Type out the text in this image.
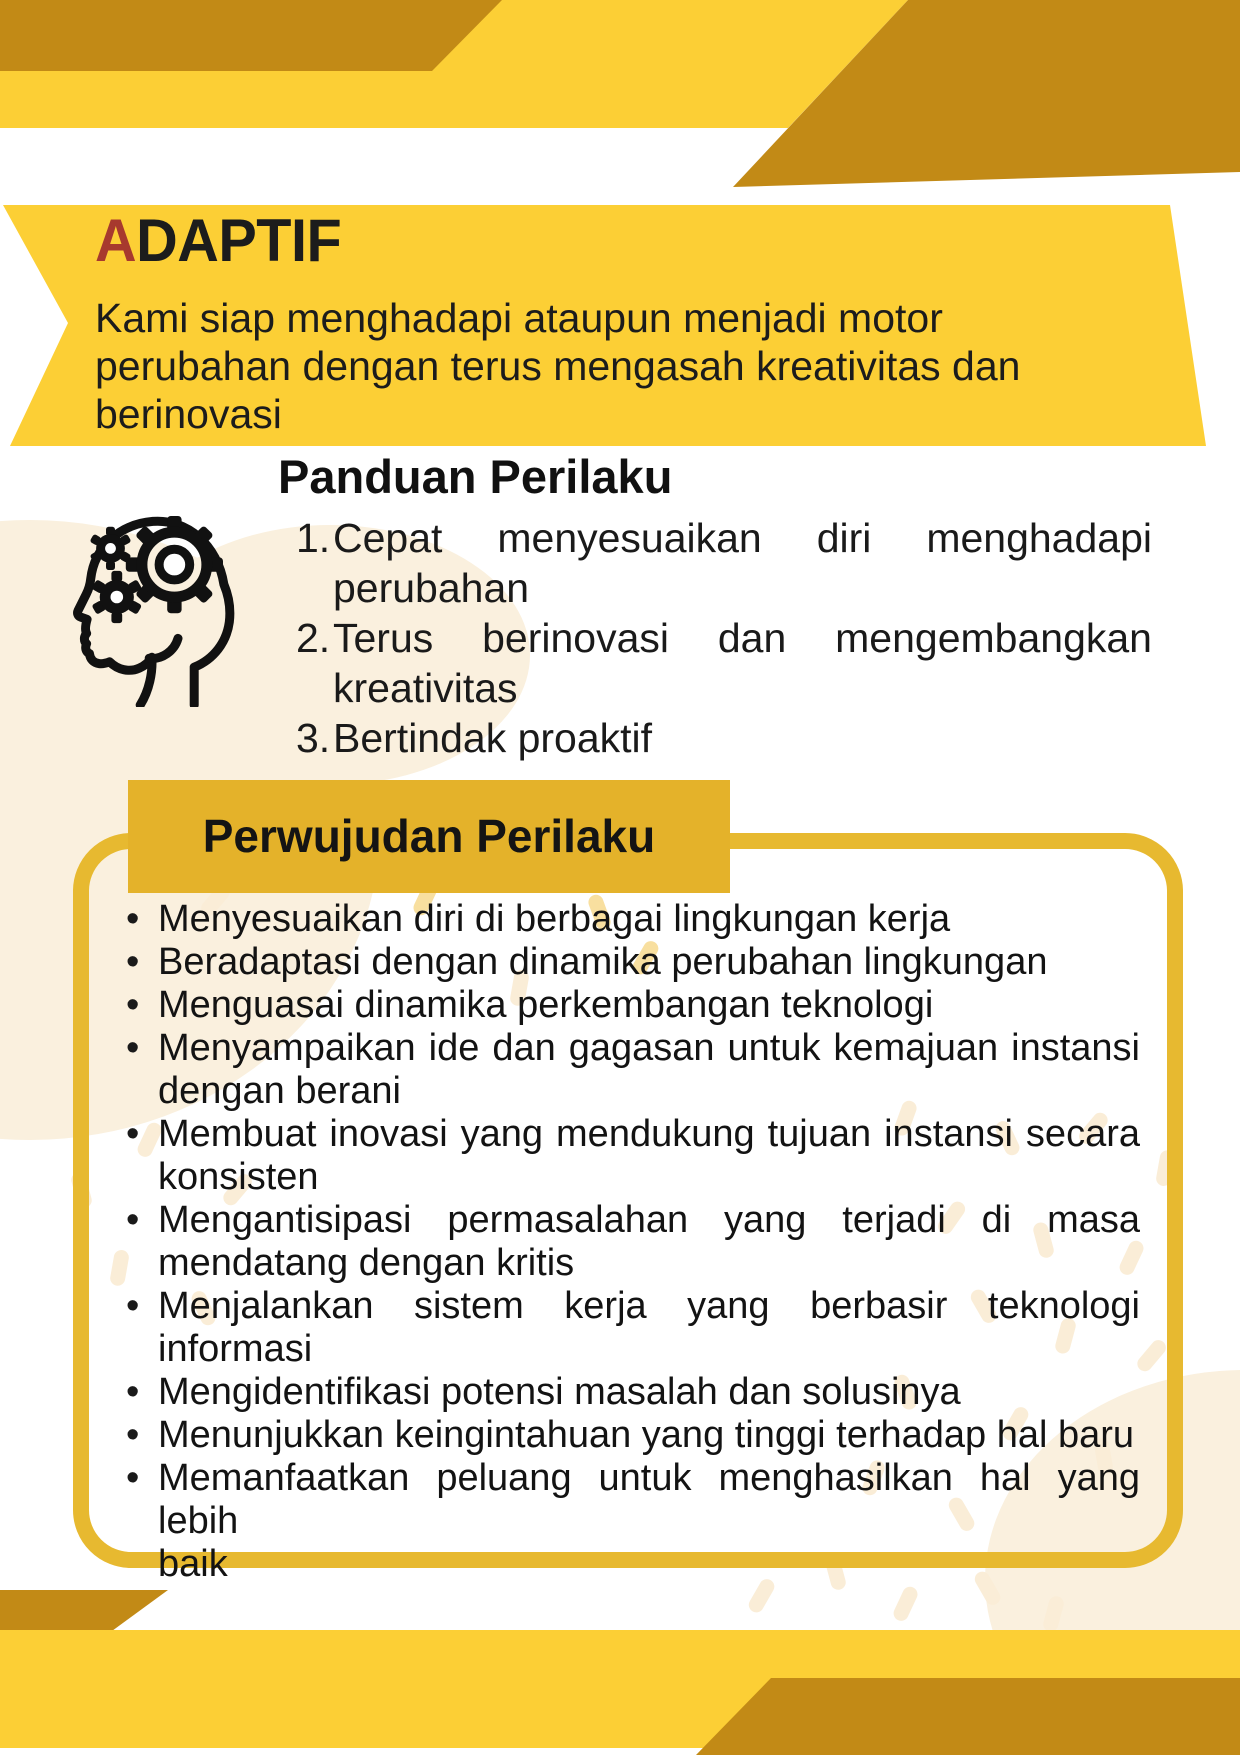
ADAPTIF
Kami siap menghadapi ataupun menjadi motor
perubahan dengan terus mengasah kreativitas dan
berinovasi
Panduan Perilaku
1. Cepat menyesuaikan diri menghadapi
perubahan
2. Terus berinovasi dan mengembangkan
kreativitas
3. Bertindak proaktif
Perwujudan Perilaku
• Menyesuaikan diri di berbagai lingkungan kerja
• Beradaptasi dengan dinamika perubahan lingkungan
• Menguasai dinamika perkembangan teknologi
• Menyampaikan ide dan gagasan untuk kemajuan instansi
dengan berani
• Membuat inovasi yang mendukung tujuan instansi secara
konsisten
• Mengantisipasi permasalahan yang terjadi di masa
mendatang dengan kritis
• Menjalankan sistem kerja yang berbasir teknologi
informasi
• Mengidentifikasi potensi masalah dan solusinya
• Menunjukkan keingintahuan yang tinggi terhadap hal baru
• Memanfaatkan peluang untuk menghasilkan hal yang lebih
baik
